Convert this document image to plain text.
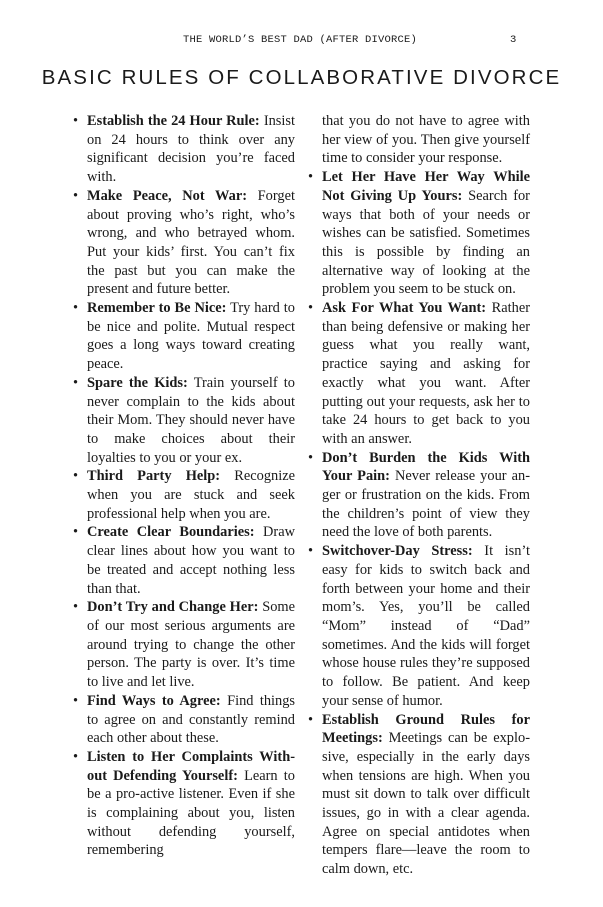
THE WORLD’S BEST DAD (AFTER DIVORCE)	3
BASIC RULES OF COLLABORATIVE DIVORCE

• Establish the 24 Hour Rule: Insist on 24 hours to think over any significant decision you’re faced with.

• Make Peace, Not War: Forget about proving who’s right, who’s wrong, and who betrayed whom. Put your kids’ first. You can’t fix the past but you can make the present and future better.

• Remember to Be Nice: Try hard to be nice and polite. Mutual respect goes a long ways toward creating peace.

• Spare the Kids: Train yourself to never complain to the kids about their Mom. They should never have to make choices about their loyalties to you or your ex.

• Third Party Help: Recognize when you are stuck and seek professional help when you are.

• Create Clear Boundaries: Draw clear lines about how you want to be treated and accept nothing less than that.

• Don’t Try and Change Her: Some of our most serious arguments are around trying to change the other person. The party is over. It’s time to live and let live.

• Find Ways to Agree: Find things to agree on and constantly remind each other about these.

• Listen to Her Complaints Without Defending Yourself: Learn to be a pro-active listener. Even if she is complaining about you, listen without defending yourself, remembering

that you do not have to agree with her view of you. Then give yourself time to consider your response.

• Let Her Have Her Way While Not Giving Up Yours: Search for ways that both of your needs or wishes can be satisfied. Sometimes this is possible by finding an alternative way of looking at the problem you seem to be stuck on.

• Ask For What You Want: Rather than being defensive or making her guess what you really want, practice saying and asking for exactly what you want. After putting out your requests, ask her to take 24 hours to get back to you with an answer.

• Don’t Burden the Kids With Your Pain: Never release your anger or frustration on the kids. From the children’s point of view they need the love of both parents.

• Switchover-Day Stress: It isn’t easy for kids to switch back and forth between your home and their mom’s. Yes, you’ll be called “Mom” instead of “Dad” sometimes. And the kids will forget whose house rules they’re supposed to follow. Be patient. And keep your sense of humor.

• Establish Ground Rules for Meetings: Meetings can be explosive, especially in the early days when tensions are high. When you must sit down to talk over difficult issues, go in with a clear agenda. Agree on special antidotes when tempers flare—leave the room to calm down, etc.
